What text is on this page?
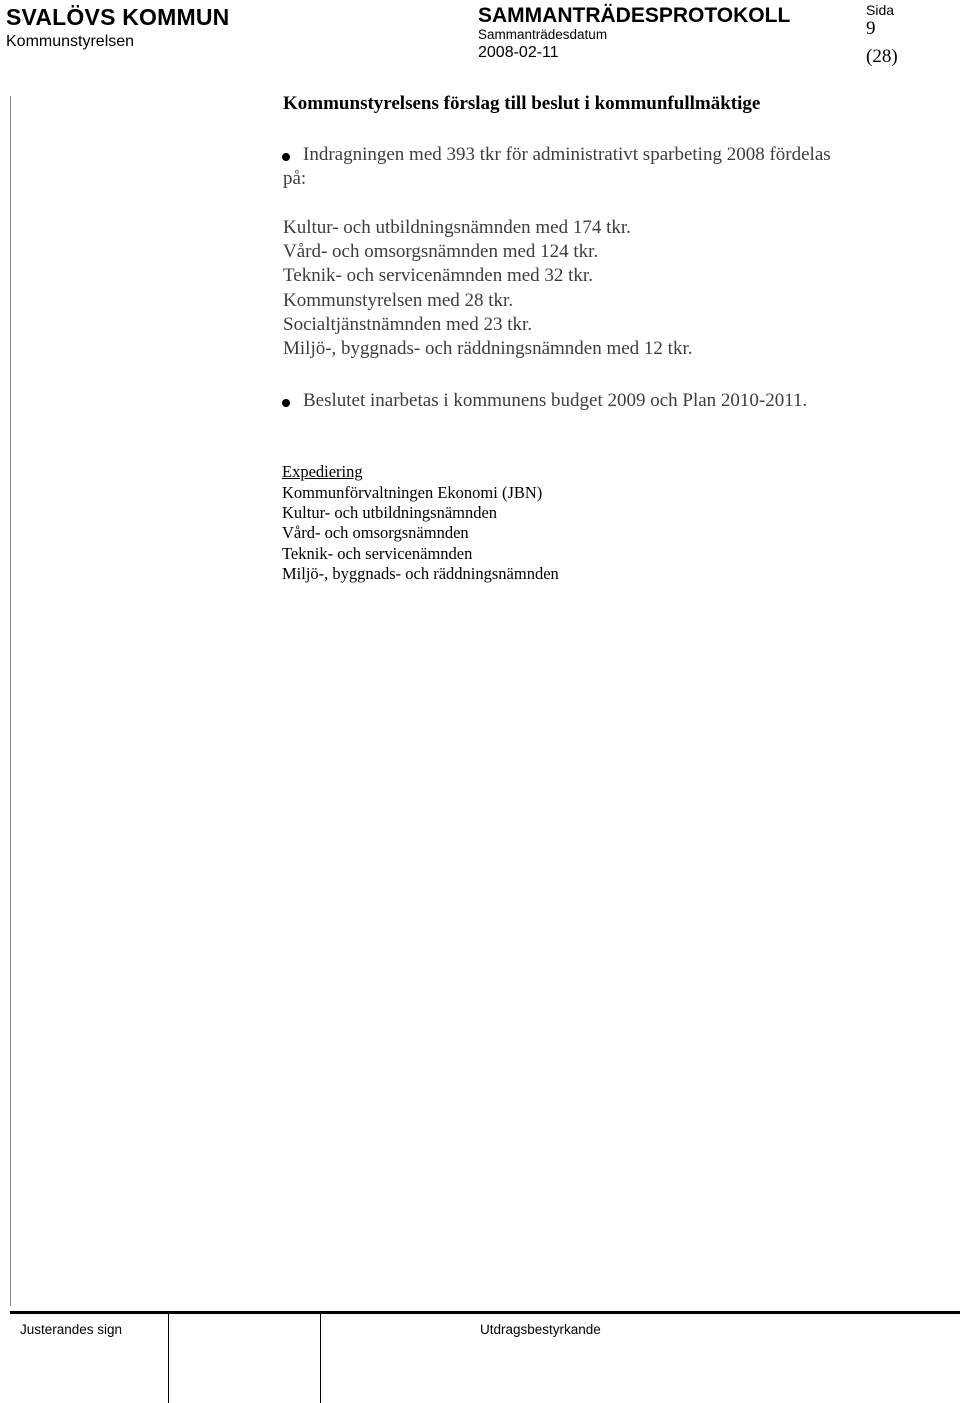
SVALÖVS KOMMUN
Kommunstyrelsen
SAMMANTRÄDESPROTOKOLL
Sammanträdesdatum
2008-02-11
Sida
9
(28)
Kommunstyrelsens förslag till beslut i kommunfullmäktige
Indragningen med 393 tkr för administrativt sparbeting 2008 fördelas
på:
Kultur- och utbildningsnämnden med 174 tkr.
Vård- och omsorgsnämnden med 124 tkr.
Teknik- och servicenämnden med 32 tkr.
Kommunstyrelsen med 28 tkr.
Socialtjänstnämnden med 23 tkr.
Miljö-, byggnads- och räddningsnämnden med 12 tkr.
Beslutet inarbetas i kommunens budget 2009 och Plan 2010-2011.
Expediering
Kommunförvaltningen Ekonomi (JBN)
Kultur- och utbildningsnämnden
Vård- och omsorgsnämnden
Teknik- och servicenämnden
Miljö-, byggnads- och räddningsnämnden
Justerandes sign	Utdragsbestyrkande
